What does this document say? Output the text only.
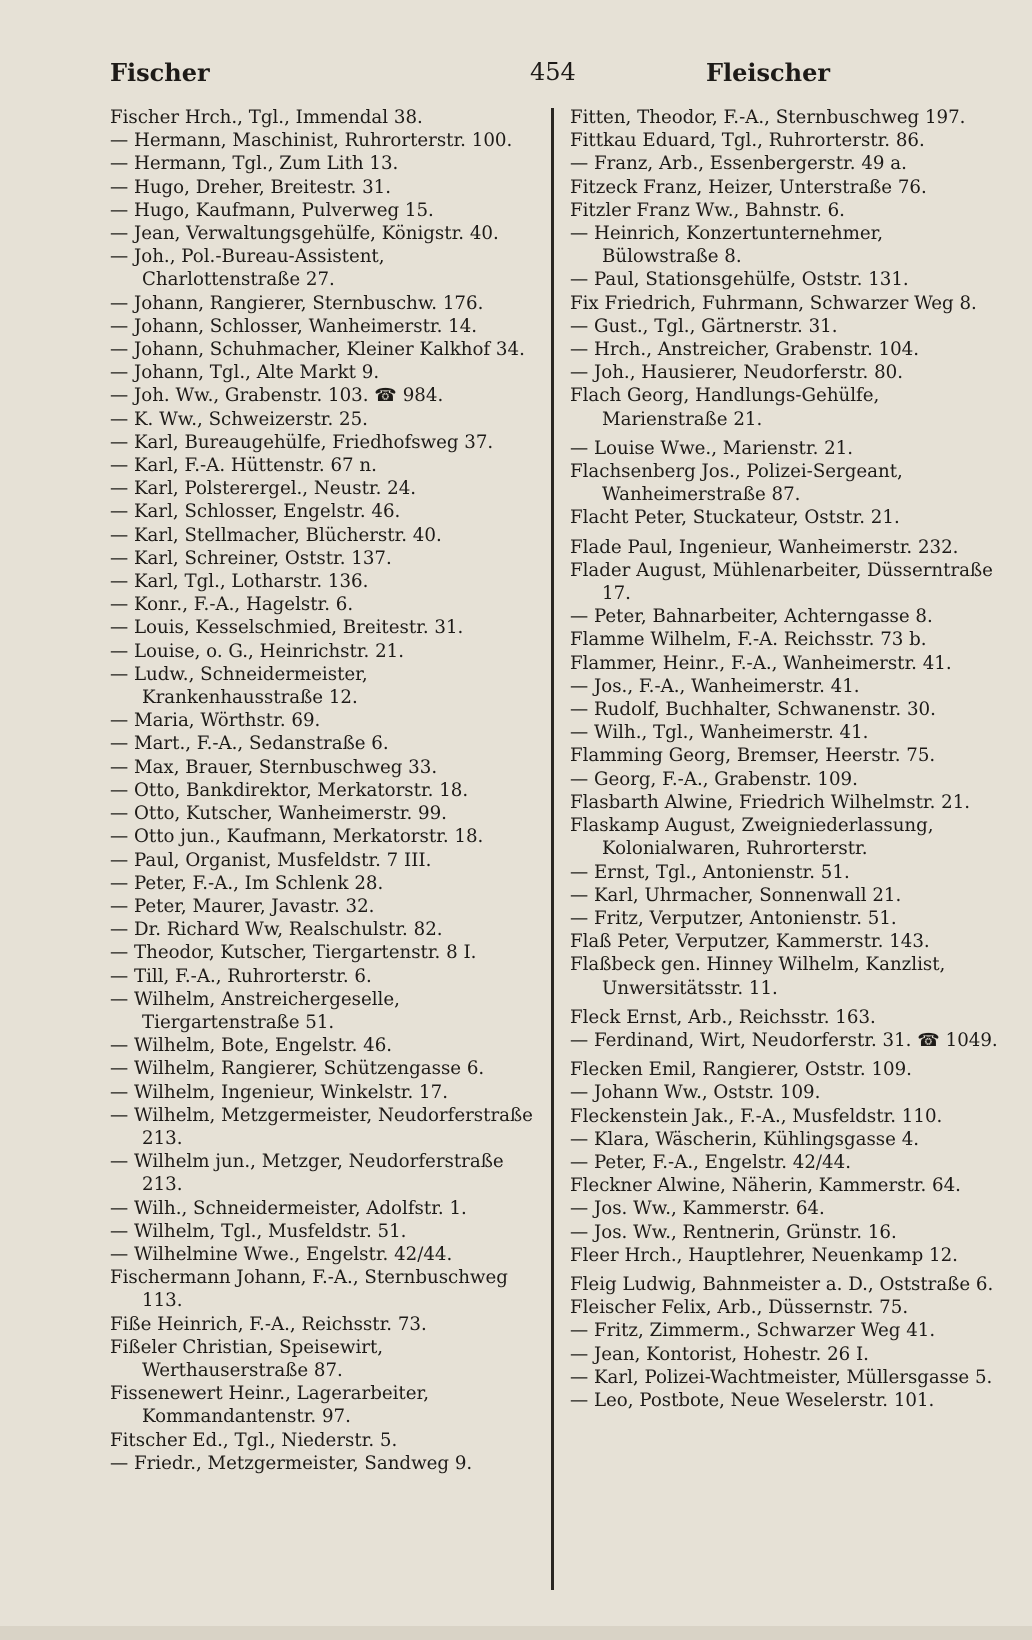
Fischer	454	Fleischer

Fischer Hrch., Tgl., Immendal 38.

— Hermann, Maschinist, Ruhrorterstr. 100.

— Hermann, Tgl., Zum Lith 13.

— Hugo, Dreher, Breitestr. 31.

— Hugo, Kaufmann, Pulverweg 15.

— Jean, Verwaltungsgehülfe, Königstr. 40.

— Joh., Pol.-Bureau-Assistent, Charlottenstraße 27.

— Johann, Rangierer, Sternbuschw. 176.

— Johann, Schlosser, Wanheimerstr. 14.

— Johann, Schuhmacher, Kleiner Kalkhof 34.

— Johann, Tgl., Alte Markt 9.

— Joh. Ww., Grabenstr. 103. ☎ 984.

— K. Ww., Schweizerstr. 25.

— Karl, Bureaugehülfe, Friedhofsweg 37.

— Karl, F.-A. Hüttenstr. 67 n.

— Karl, Polsterergel., Neustr. 24.

— Karl, Schlosser, Engelstr. 46.

— Karl, Stellmacher, Blücherstr. 40.

— Karl, Schreiner, Oststr. 137.

— Karl, Tgl., Lotharstr. 136.

— Konr., F.-A., Hagelstr. 6.

— Louis, Kesselschmied, Breitestr. 31.

— Louise, o. G., Heinrichstr. 21.

— Ludw., Schneidermeister, Krankenhausstraße 12.

— Maria, Wörthstr. 69.

— Mart., F.-A., Sedanstraße 6.

— Max, Brauer, Sternbuschweg 33.

— Otto, Bankdirektor, Merkatorstr. 18.

— Otto, Kutscher, Wanheimerstr. 99.

— Otto jun., Kaufmann, Merkatorstr. 18.

— Paul, Organist, Musfeldstr. 7 III.

— Peter, F.-A., Im Schlenk 28.

— Peter, Maurer, Javastr. 32.

— Dr. Richard Ww, Realschulstr. 82.

— Theodor, Kutscher, Tiergartenstr. 8 I.

— Till, F.-A., Ruhrorterstr. 6.

— Wilhelm, Anstreichergeselle, Tiergartenstraße 51.

— Wilhelm, Bote, Engelstr. 46.

— Wilhelm, Rangierer, Schützengasse 6.

— Wilhelm, Ingenieur, Winkelstr. 17.

— Wilhelm, Metzgermeister, Neudorferstraße 213.

— Wilhelm jun., Metzger, Neudorferstraße 213.

— Wilh., Schneidermeister, Adolfstr. 1.

— Wilhelm, Tgl., Musfeldstr. 51.

— Wilhelmine Wwe., Engelstr. 42/44.

Fischermann Johann, F.-A., Sternbuschweg 113.

Fiße Heinrich, F.-A., Reichsstr. 73.

Fißeler Christian, Speisewirt, Werthauserstraße 87.

Fissenewert Heinr., Lagerarbeiter, Kommandantenstr. 97.

Fitscher Ed., Tgl., Niederstr. 5.

— Friedr., Metzgermeister, Sandweg 9.

Fitten, Theodor, F.-A., Sternbuschweg 197.

Fittkau Eduard, Tgl., Ruhrorterstr. 86.

— Franz, Arb., Essenbergerstr. 49 a.

Fitzeck Franz, Heizer, Unterstraße 76.

Fitzler Franz Ww., Bahnstr. 6.

— Heinrich, Konzertunternehmer, Bülowstraße 8.

— Paul, Stationsgehülfe, Oststr. 131.

Fix Friedrich, Fuhrmann, Schwarzer Weg 8.

— Gust., Tgl., Gärtnerstr. 31.

— Hrch., Anstreicher, Grabenstr. 104.

— Joh., Hausierer, Neudorferstr. 80.

Flach Georg, Handlungs-Gehülfe, Marienstraße 21.

— Louise Wwe., Marienstr. 21.

Flachsenberg Jos., Polizei-Sergeant, Wanheimerstraße 87.

Flacht Peter, Stuckateur, Oststr. 21.

Flade Paul, Ingenieur, Wanheimerstr. 232.

Flader August, Mühlenarbeiter, Düsserntraße 17.

— Peter, Bahnarbeiter, Achterngasse 8.

Flamme Wilhelm, F.-A. Reichsstr. 73 b.

Flammer, Heinr., F.-A., Wanheimerstr. 41.

— Jos., F.-A., Wanheimerstr. 41.

— Rudolf, Buchhalter, Schwanenstr. 30.

— Wilh., Tgl., Wanheimerstr. 41.

Flamming Georg, Bremser, Heerstr. 75.

— Georg, F.-A., Grabenstr. 109.

Flasbarth Alwine, Friedrich Wilhelmstr. 21.

Flaskamp August, Zweigniederlassung, Kolonialwaren, Ruhrorterstr.

— Ernst, Tgl., Antonienstr. 51.

— Karl, Uhrmacher, Sonnenwall 21.

— Fritz, Verputzer, Antonienstr. 51.

Flaß Peter, Verputzer, Kammerstr. 143.

Flaßbeck gen. Hinney Wilhelm, Kanzlist, Unwersitätsstr. 11.

Fleck Ernst, Arb., Reichsstr. 163.

— Ferdinand, Wirt, Neudorferstr. 31. ☎ 1049.

Flecken Emil, Rangierer, Oststr. 109.

— Johann Ww., Oststr. 109.

Fleckenstein Jak., F.-A., Musfeldstr. 110.

— Klara, Wäscherin, Kühlingsgasse 4.

— Peter, F.-A., Engelstr. 42/44.

Fleckner Alwine, Näherin, Kammerstr. 64.

— Jos. Ww., Kammerstr. 64.

— Jos. Ww., Rentnerin, Grünstr. 16.

Fleer Hrch., Hauptlehrer, Neuenkamp 12.

Fleig Ludwig, Bahnmeister a. D., Oststraße 6.

Fleischer Felix, Arb., Düssernstr. 75.

— Fritz, Zimmerm., Schwarzer Weg 41.

— Jean, Kontorist, Hohestr. 26 I.

— Karl, Polizei-Wachtmeister, Müllersgasse 5.

— Leo, Postbote, Neue Weselerstr. 101.
